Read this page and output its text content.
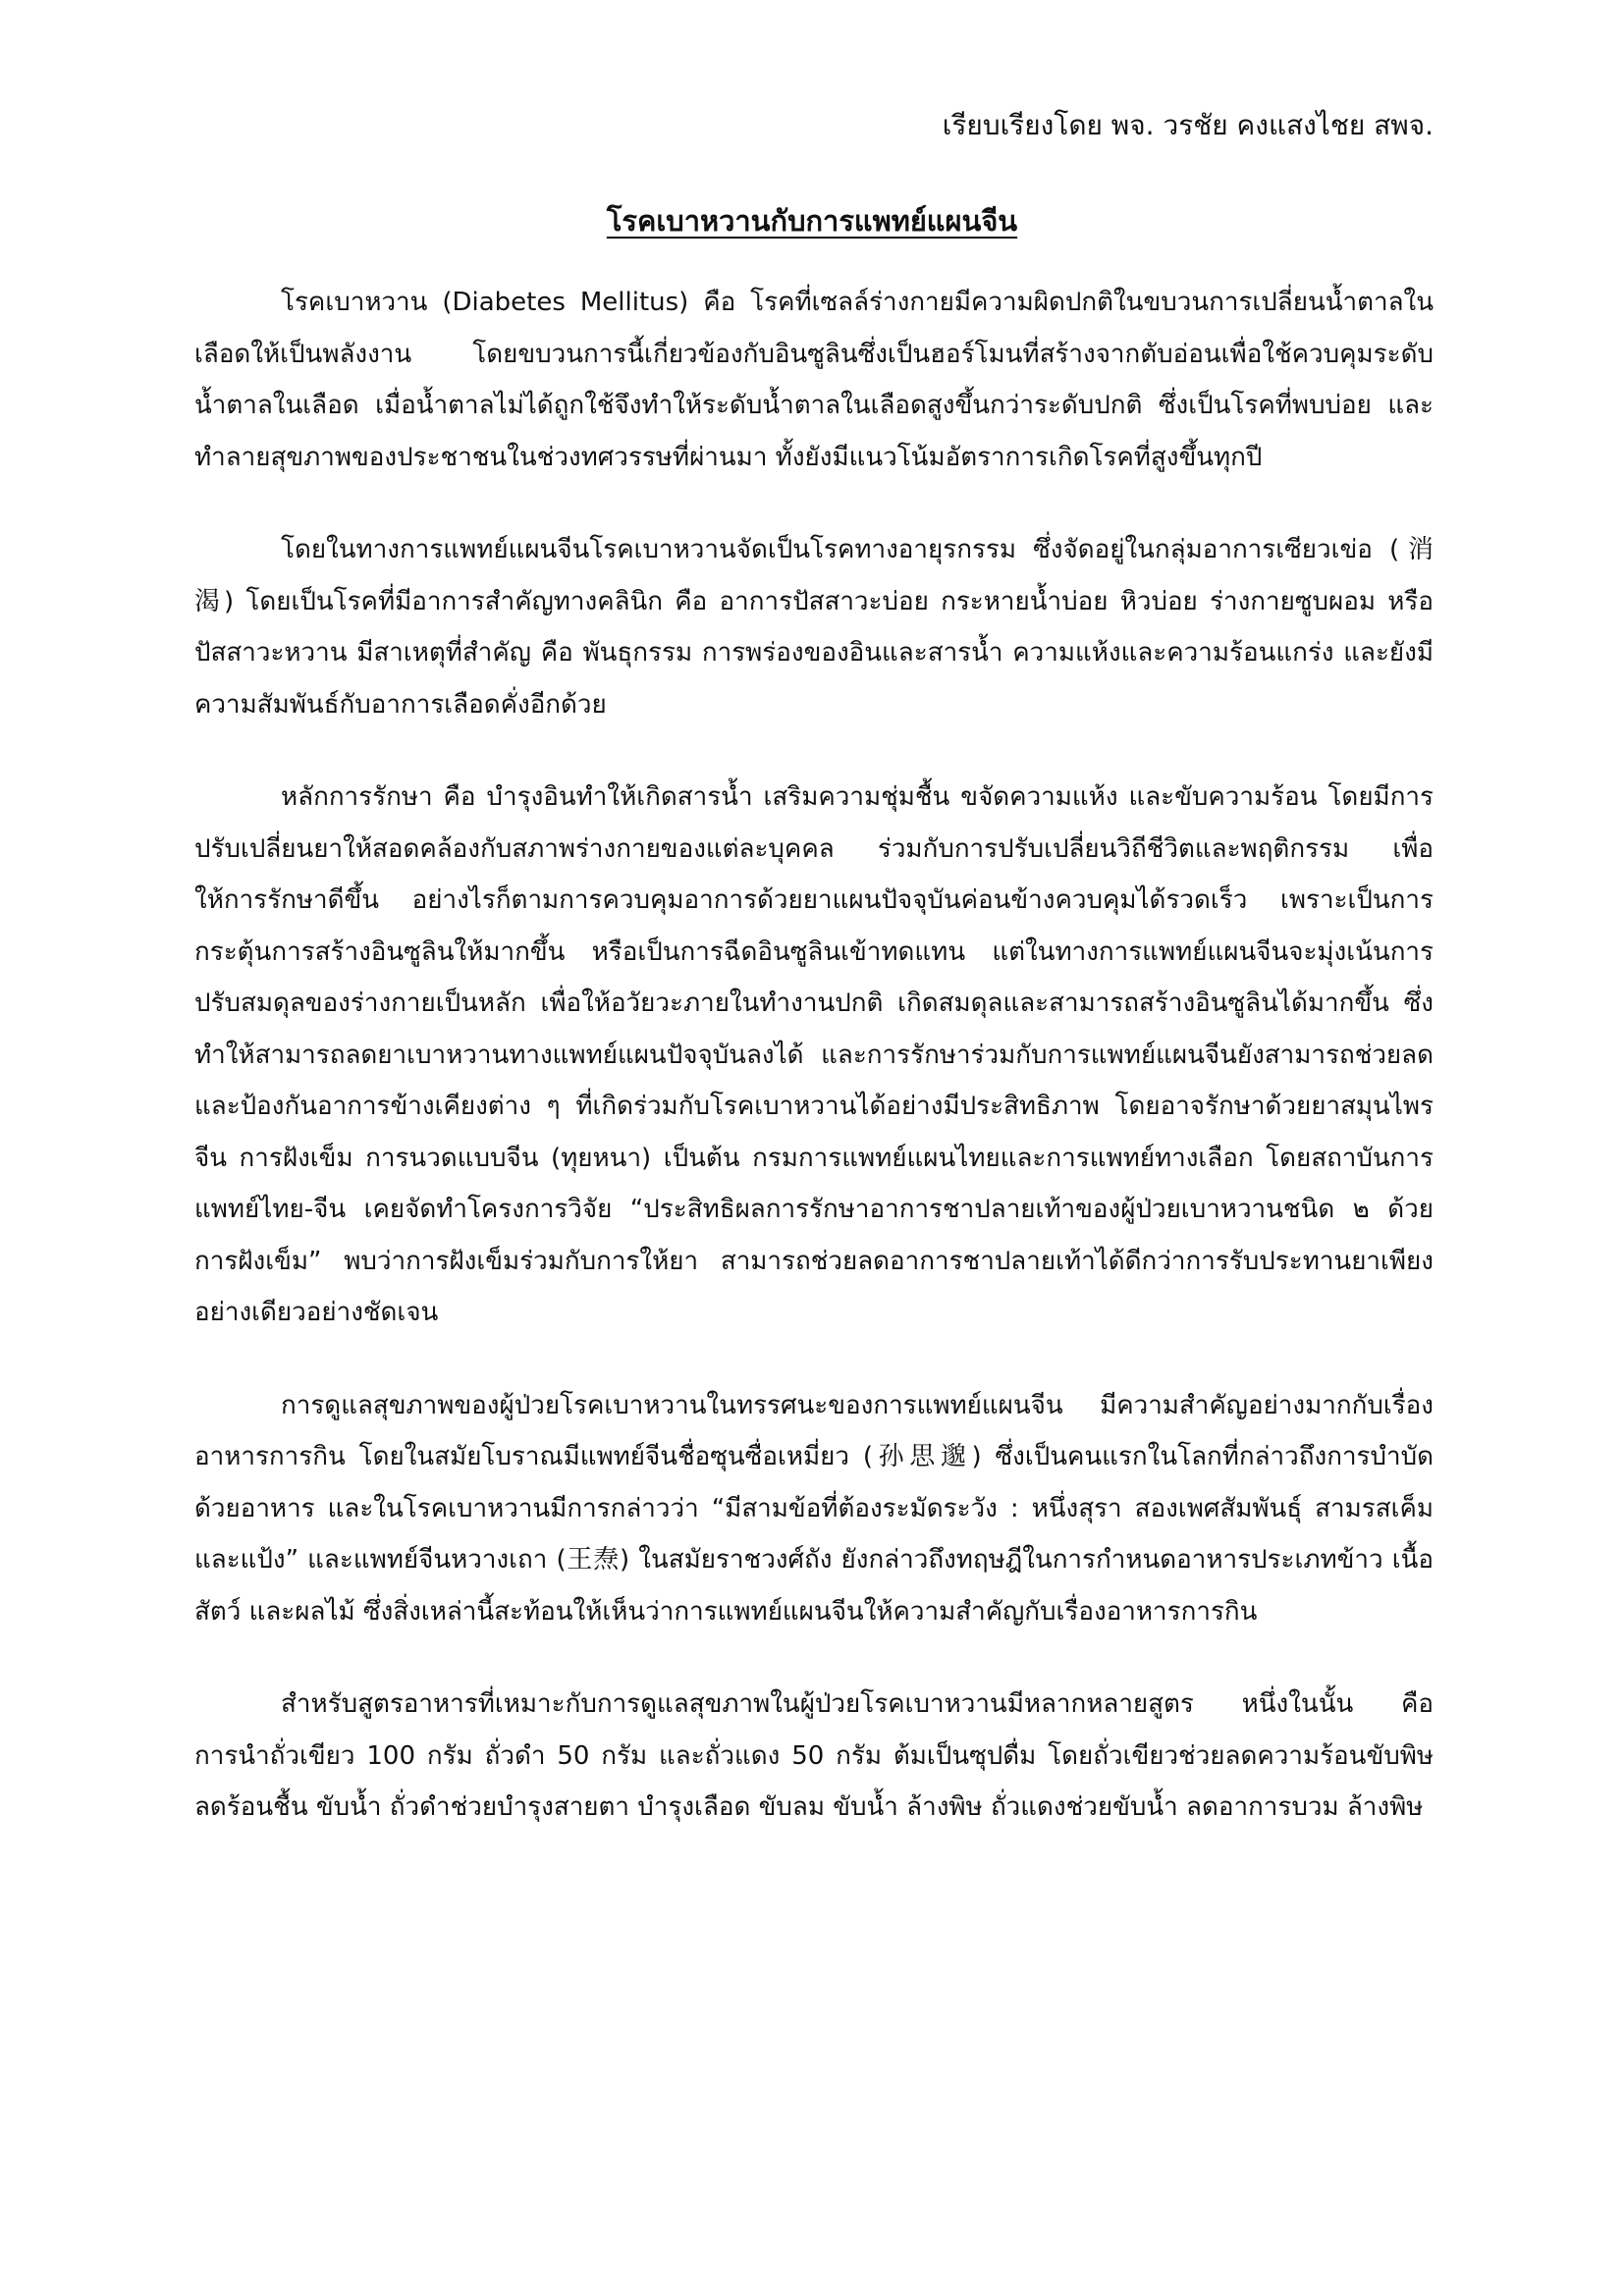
เรียบเรียงโดย พจ. วรชัย คงแสงไชย สพจ.
โรคเบาหวานกับการแพทย์แผนจีน

โรคเบาหวาน (Diabetes Mellitus) คือ โรคที่เซลล์ร่างกายมีความผิดปกติในขบวนการเปลี่ยนน้ำตาลในเลือดให้เป็นพลังงาน โดยขบวนการนี้เกี่ยวข้องกับอินซูลินซึ่งเป็นฮอร์โมนที่สร้างจากตับอ่อนเพื่อใช้ควบคุมระดับน้ำตาลในเลือด เมื่อน้ำตาลไม่ได้ถูกใช้จึงทำให้ระดับน้ำตาลในเลือดสูงขึ้นกว่าระดับปกติ ซึ่งเป็นโรคที่พบบ่อย และทำลายสุขภาพของประชาชนในช่วงทศวรรษที่ผ่านมา ทั้งยังมีแนวโน้มอัตราการเกิดโรคที่สูงขึ้นทุกปี

โดยในทางการแพทย์แผนจีนโรคเบาหวานจัดเป็นโรคทางอายุรกรรม ซึ่งจัดอยู่ในกลุ่มอาการเซียวเข่อ (消渴) โดยเป็นโรคที่มีอาการสำคัญทางคลินิก คือ อาการปัสสาวะบ่อย กระหายน้ำบ่อย หิวบ่อย ร่างกายซูบผอม หรือปัสสาวะหวาน มีสาเหตุที่สำคัญ คือ พันธุกรรม การพร่องของอินและสารน้ำ ความแห้งและความร้อนแกร่ง และยังมีความสัมพันธ์กับอาการเลือดคั่งอีกด้วย

หลักการรักษา คือ บำรุงอินทำให้เกิดสารน้ำ เสริมความชุ่มชื้น ขจัดความแห้ง และขับความร้อน โดยมีการปรับเปลี่ยนยาให้สอดคล้องกับสภาพร่างกายของแต่ละบุคคล ร่วมกับการปรับเปลี่ยนวิถีชีวิตและพฤติกรรม เพื่อให้การรักษาดีขึ้น อย่างไรก็ตามการควบคุมอาการด้วยยาแผนปัจจุบันค่อนข้างควบคุมได้รวดเร็ว เพราะเป็นการกระตุ้นการสร้างอินซูลินให้มากขึ้น หรือเป็นการฉีดอินซูลินเข้าทดแทน แต่ในทางการแพทย์แผนจีนจะมุ่งเน้นการปรับสมดุลของร่างกายเป็นหลัก เพื่อให้อวัยวะภายในทำงานปกติ เกิดสมดุลและสามารถสร้างอินซูลินได้มากขึ้น ซึ่งทำให้สามารถลดยาเบาหวานทางแพทย์แผนปัจจุบันลงได้ และการรักษาร่วมกับการแพทย์แผนจีนยังสามารถช่วยลดและป้องกันอาการข้างเคียงต่าง ๆ ที่เกิดร่วมกับโรคเบาหวานได้อย่างมีประสิทธิภาพ โดยอาจรักษาด้วยยาสมุนไพรจีน การฝังเข็ม การนวดแบบจีน (ทุยหนา) เป็นต้น กรมการแพทย์แผนไทยและการแพทย์ทางเลือก โดยสถาบันการแพทย์ไทย-จีน เคยจัดทำโครงการวิจัย “ประสิทธิผลการรักษาอาการชาปลายเท้าของผู้ป่วยเบาหวานชนิด ๒ ด้วยการฝังเข็ม” พบว่าการฝังเข็มร่วมกับการให้ยา สามารถช่วยลดอาการชาปลายเท้าได้ดีกว่าการรับประทานยาเพียงอย่างเดียวอย่างชัดเจน

การดูแลสุขภาพของผู้ป่วยโรคเบาหวานในทรรศนะของการแพทย์แผนจีน มีความสำคัญอย่างมากกับเรื่องอาหารการกิน โดยในสมัยโบราณมีแพทย์จีนชื่อซุนซื่อเหมี่ยว (孙思邈) ซึ่งเป็นคนแรกในโลกที่กล่าวถึงการบำบัดด้วยอาหาร และในโรคเบาหวานมีการกล่าวว่า “มีสามข้อที่ต้องระมัดระวัง : หนึ่งสุรา สองเพศสัมพันธุ์ สามรสเค็มและแป้ง” และแพทย์จีนหวางเถา (王焘) ในสมัยราชวงศ์ถัง ยังกล่าวถึงทฤษฎีในการกำหนดอาหารประเภทข้าว เนื้อสัตว์ และผลไม้ ซึ่งสิ่งเหล่านี้สะท้อนให้เห็นว่าการแพทย์แผนจีนให้ความสำคัญกับเรื่องอาหารการกิน

สำหรับสูตรอาหารที่เหมาะกับการดูแลสุขภาพในผู้ป่วยโรคเบาหวานมีหลากหลายสูตร หนึ่งในนั้น คือ การนำถั่วเขียว 100 กรัม ถั่วดำ 50 กรัม และถั่วแดง 50 กรัม ต้มเป็นซุปดื่ม โดยถั่วเขียวช่วยลดความร้อนขับพิษ ลดร้อนชื้น ขับน้ำ ถั่วดำช่วยบำรุงสายตา บำรุงเลือด ขับลม ขับน้ำ ล้างพิษ ถั่วแดงช่วยขับน้ำ ลดอาการบวม ล้างพิษ
